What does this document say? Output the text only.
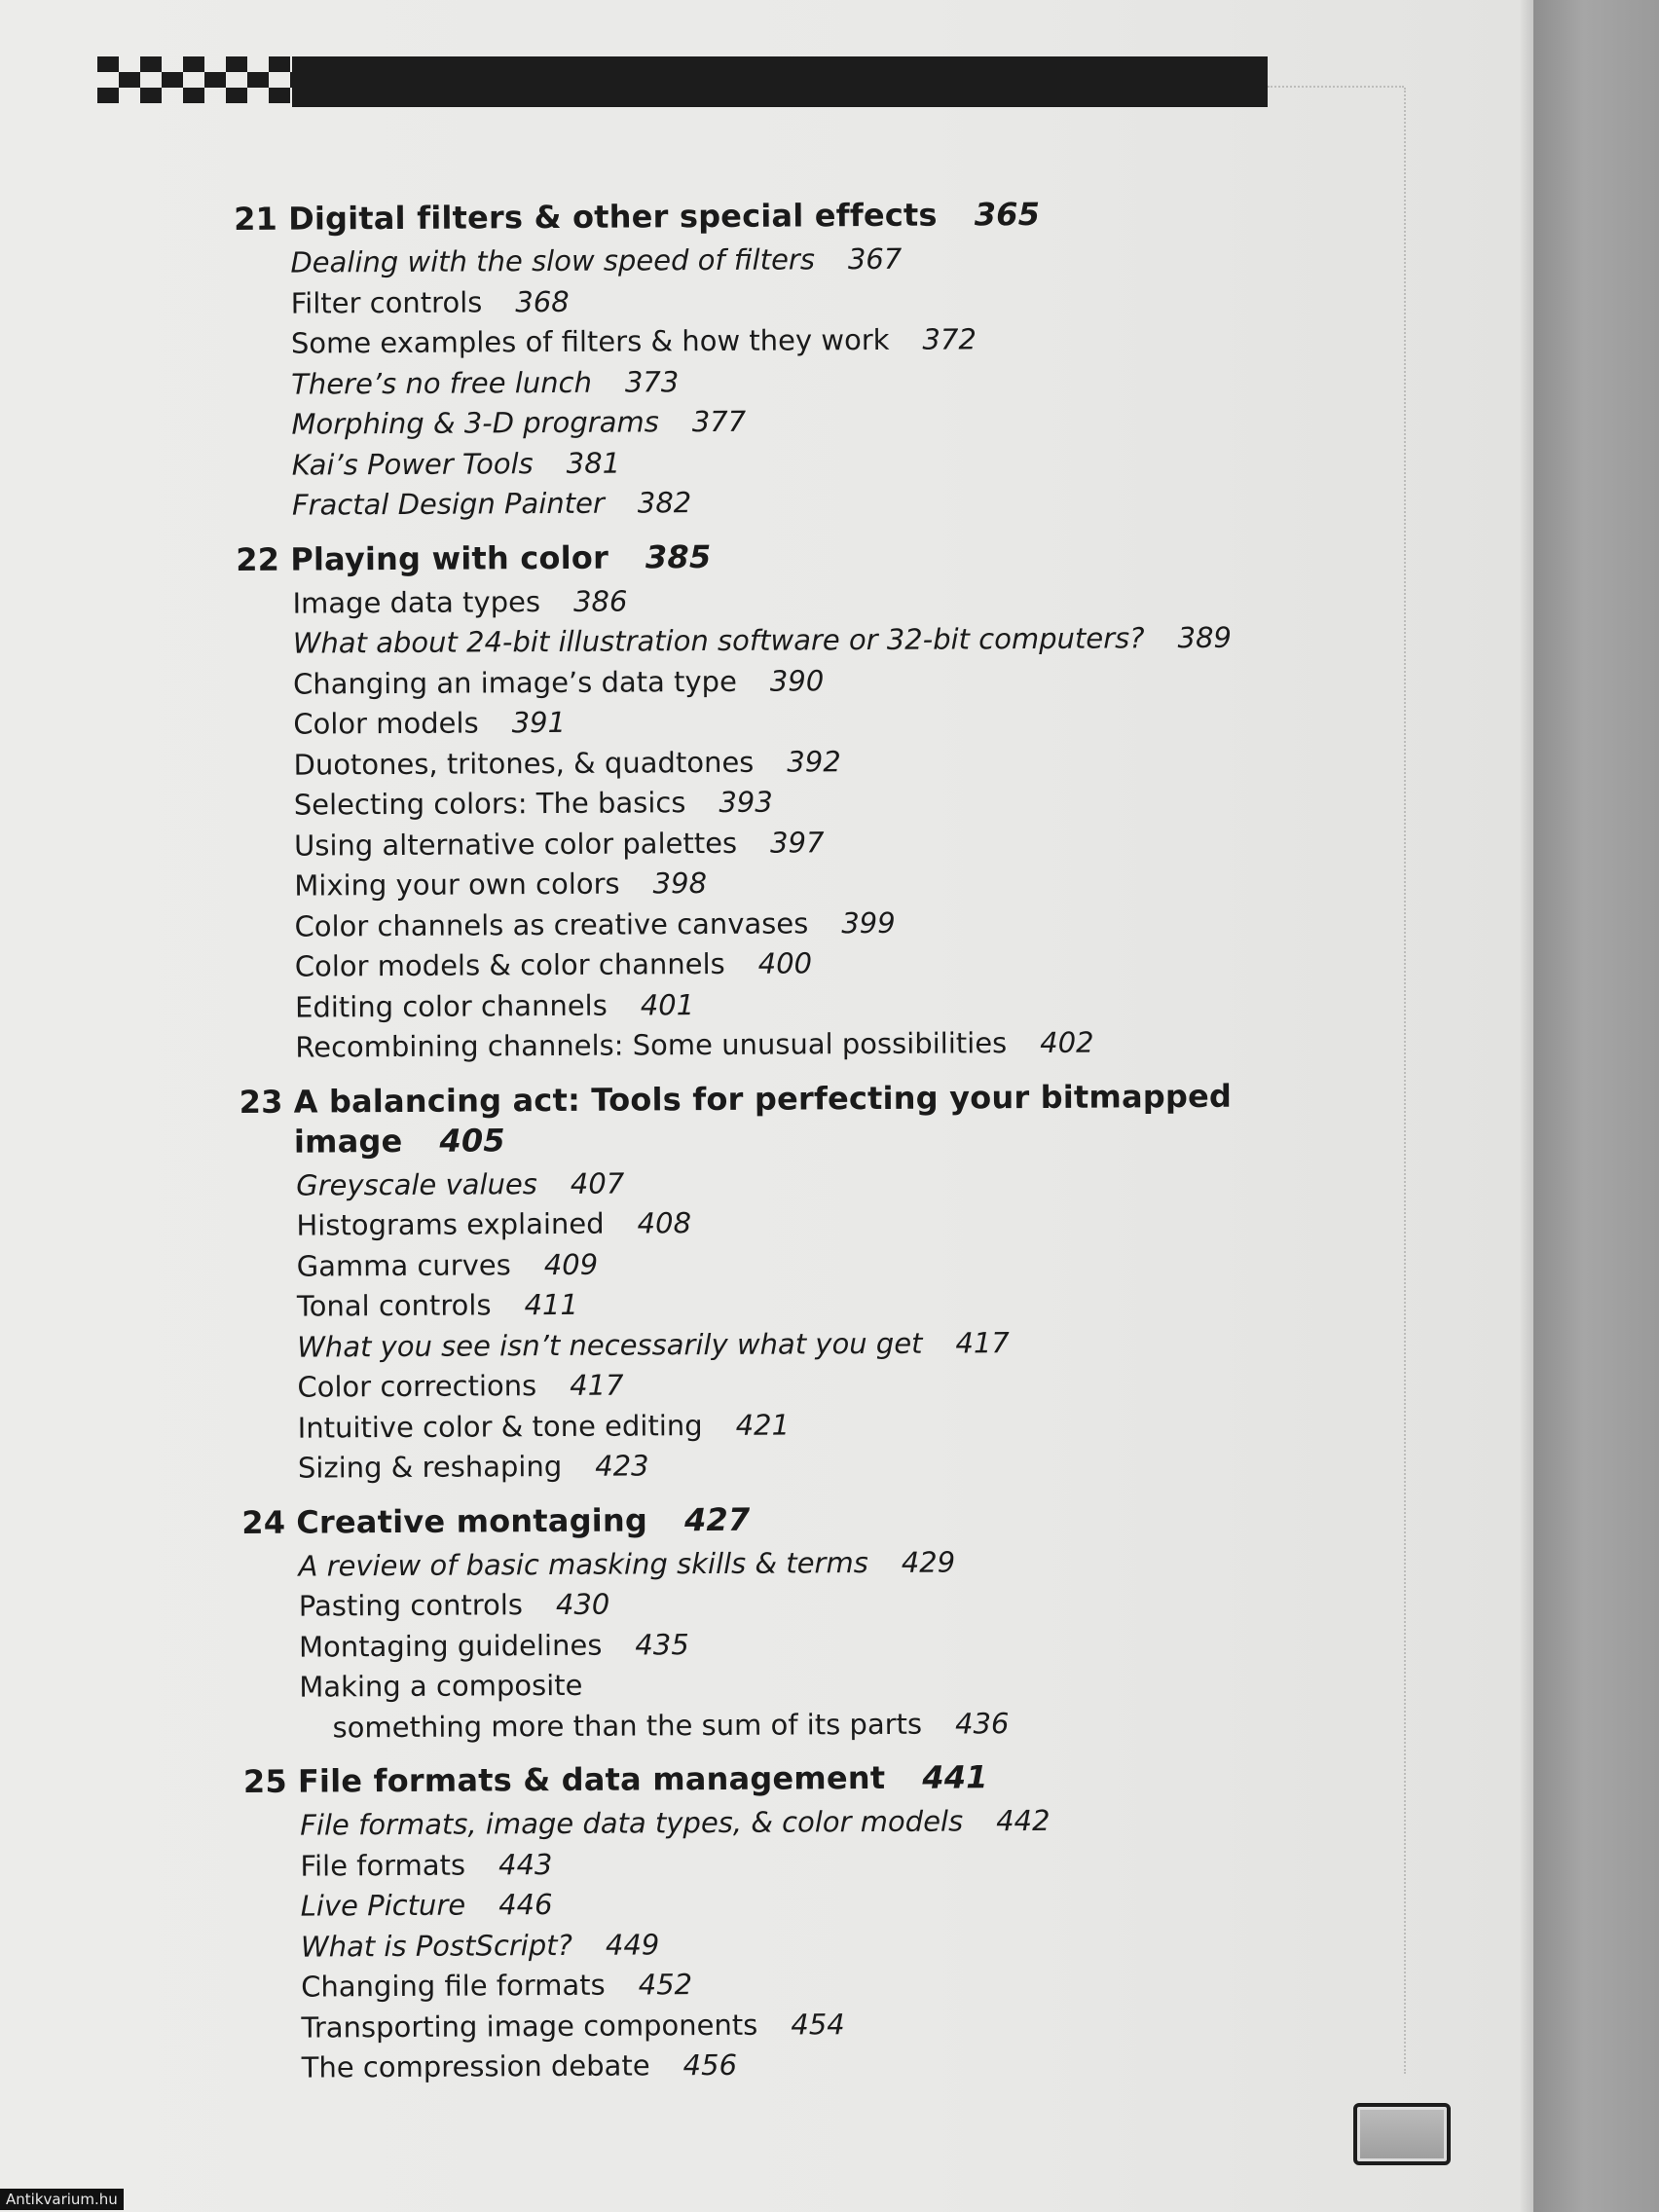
21 Digital filters & other special effects 365
Dealing with the slow speed of filters 367
Filter controls 368
Some examples of filters & how they work 372
There’s no free lunch 373
Morphing & 3-D programs 377
Kai’s Power Tools 381
Fractal Design Painter 382
22 Playing with color 385
Image data types 386
What about 24-bit illustration software or 32-bit computers? 389
Changing an image’s data type 390
Color models 391
Duotones, tritones, & quadtones 392
Selecting colors: The basics 393
Using alternative color palettes 397
Mixing your own colors 398
Color channels as creative canvases 399
Color models & color channels 400
Editing color channels 401
Recombining channels: Some unusual possibilities 402
23 A balancing act: Tools for perfecting your bitmapped image 405
Greyscale values 407
Histograms explained 408
Gamma curves 409
Tonal controls 411
What you see isn’t necessarily what you get 417
Color corrections 417
Intuitive color & tone editing 421
Sizing & reshaping 423
24 Creative montaging 427
A review of basic masking skills & terms 429
Pasting controls 430
Montaging guidelines 435
Making a composite
something more than the sum of its parts 436
25 File formats & data management 441
File formats, image data types, & color models 442
File formats 443
Live Picture 446
What is PostScript? 449
Changing file formats 452
Transporting image components 454
The compression debate 456
Antikvarium.hu
